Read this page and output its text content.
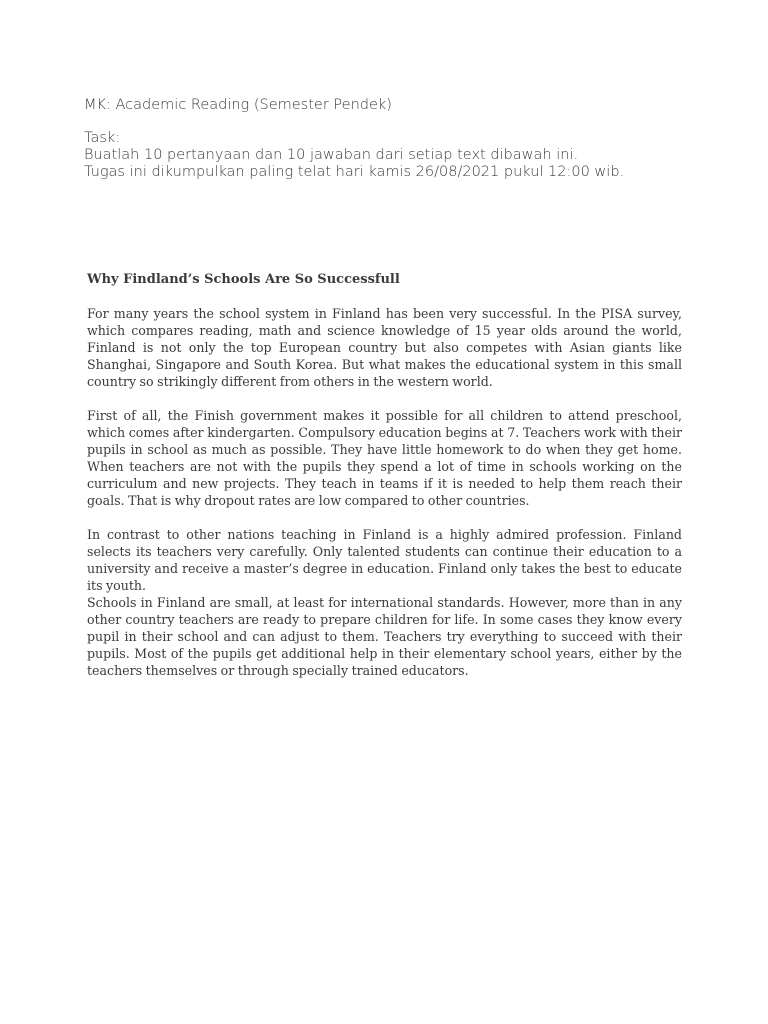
MK: Academic Reading (Semester Pendek)
Task:
Buatlah 10 pertanyaan dan 10 jawaban dari setiap text dibawah ini.
Tugas ini dikumpulkan paling telat hari kamis 26/08/2021 pukul 12:00 wib.

Why Findland’s Schools Are So Successfull

For many years the school system in Finland has been very successful. In the PISA survey, which compares reading, math and science knowledge of 15 year olds around the world, Finland is not only the top European country but also competes with Asian giants like Shanghai, Singapore and South Korea. But what makes the educational system in this small country so strikingly different from others in the western world.

First of all, the Finish government makes it possible for all children to attend preschool, which comes after kindergarten. Compulsory education begins at 7. Teachers work with their pupils in school as much as possible. They have little homework to do when they get home. When teachers are not with the pupils they spend a lot of time in schools working on the curriculum and new projects. They teach in teams if it is needed to help them reach their goals. That is why dropout rates are low compared to other countries.

In contrast to other nations teaching in Finland is a highly admired profession. Finland selects its teachers very carefully. Only talented students can continue their education to a university and receive a master’s degree in education. Finland only takes the best to educate its youth.

Schools in Finland are small, at least for international standards. However, more than in any other country teachers are ready to prepare children for life. In some cases they know every pupil in their school and can adjust to them. Teachers try everything to succeed with their pupils. Most of the pupils get additional help in their elementary school years, either by the teachers themselves or through specially trained educators.
